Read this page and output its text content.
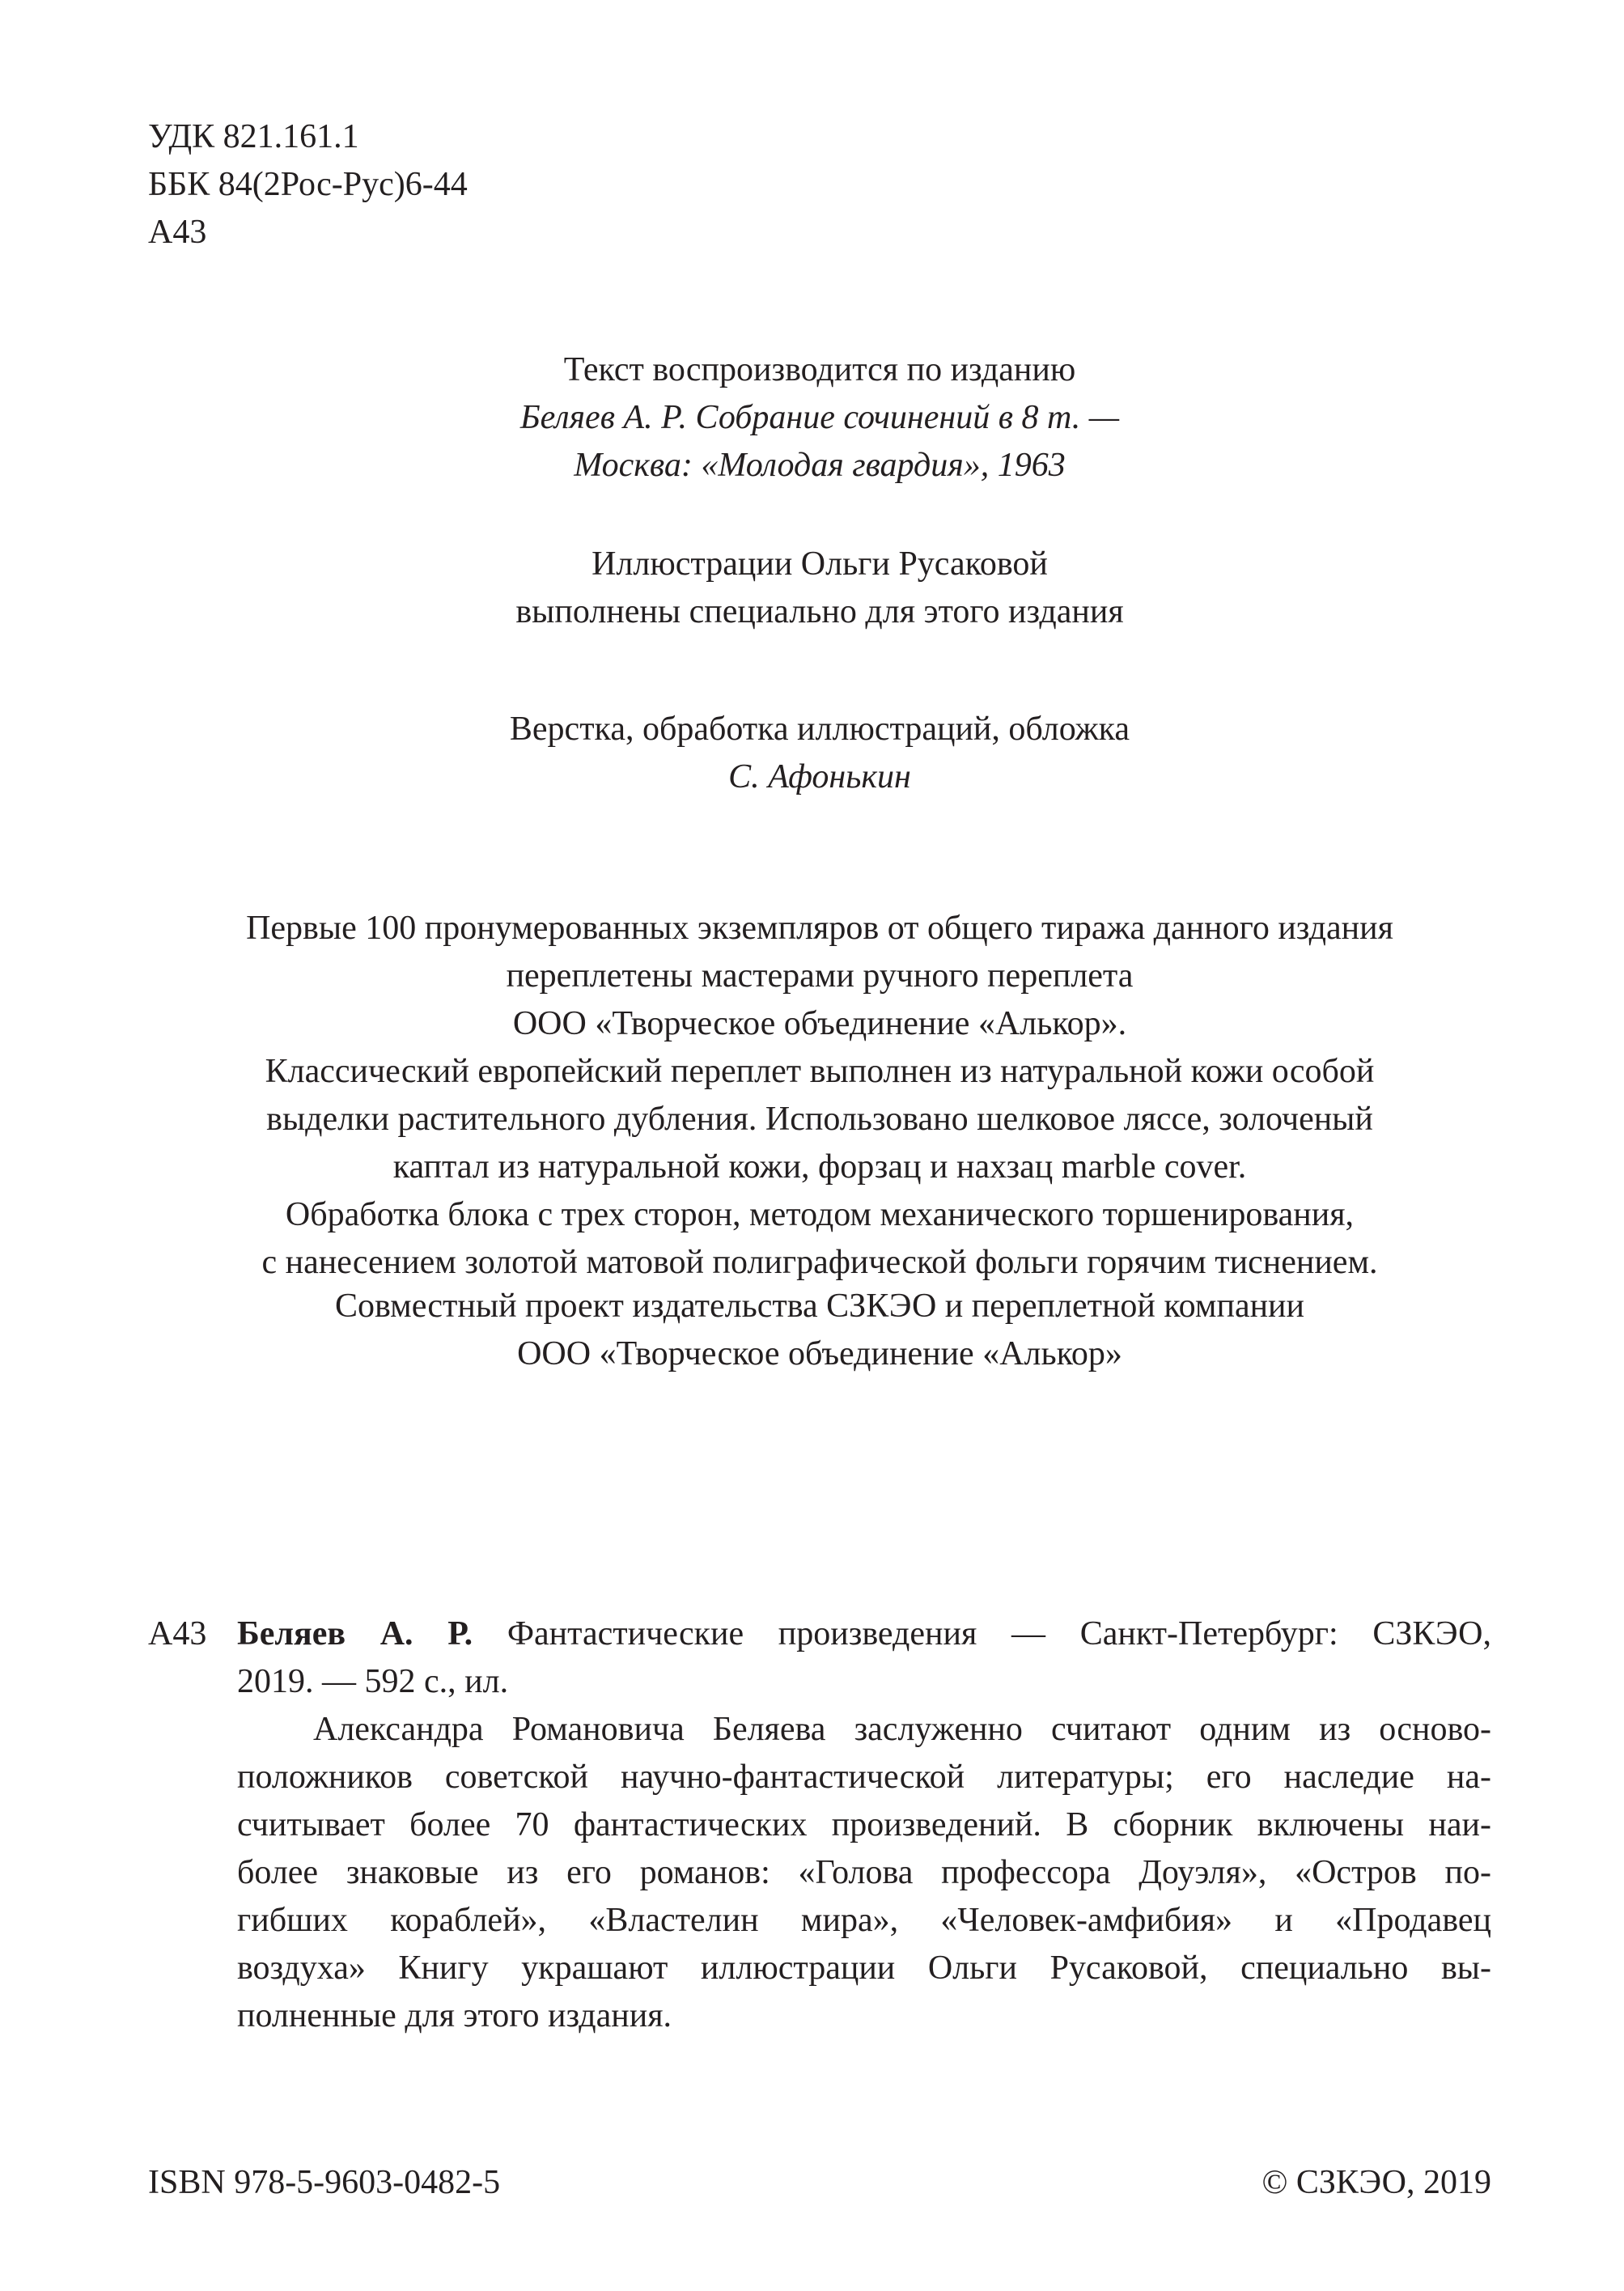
УДК 821.161.1
ББК 84(2Рос-Рус)6-44
А43
Текст воспроизводится по изданию
Беляев А. Р. Собрание сочинений в 8 т. —
Москва: «Молодая гвардия», 1963
Иллюстрации Ольги Русаковой
выполнены специально для этого издания
Верстка, обработка иллюстраций, обложка
С. Афонькин
Первые 100 пронумерованных экземпляров от общего тиража данного издания
переплетены мастерами ручного переплета
ООО «Творческое объединение «Алькор».
Классический европейский переплет выполнен из натуральной кожи особой
выделки растительного дубления. Использовано шелковое ляссе, золоченый
каптал из натуральной кожи, форзац и нахзац marble cover.
Обработка блока с трех сторон, методом механического торшенирования,
с нанесением золотой матовой полиграфической фольги горячим тиснением.
Совместный проект издательства СЗКЭО и переплетной компании
ООО «Творческое объединение «Алькор»
А43 Беляев А. Р. Фантастические произведения — Санкт-Петербург: СЗКЭО,
2019. — 592 с., ил.
Александра Романовича Беляева заслуженно считают одним из осново-
положников советской научно-фантастической литературы; его наследие на-
считывает более 70 фантастических произведений. В сборник включены наи-
более знаковые из его романов: «Голова профессора Доуэля», «Остров по-
гибших кораблей», «Властелин мира», «Человек-амфибия» и «Продавец
воздуха» Книгу украшают иллюстрации Ольги Русаковой, специально вы-
полненные для этого издания.
ISBN 978-5-9603-0482-5	© СЗКЭО, 2019
